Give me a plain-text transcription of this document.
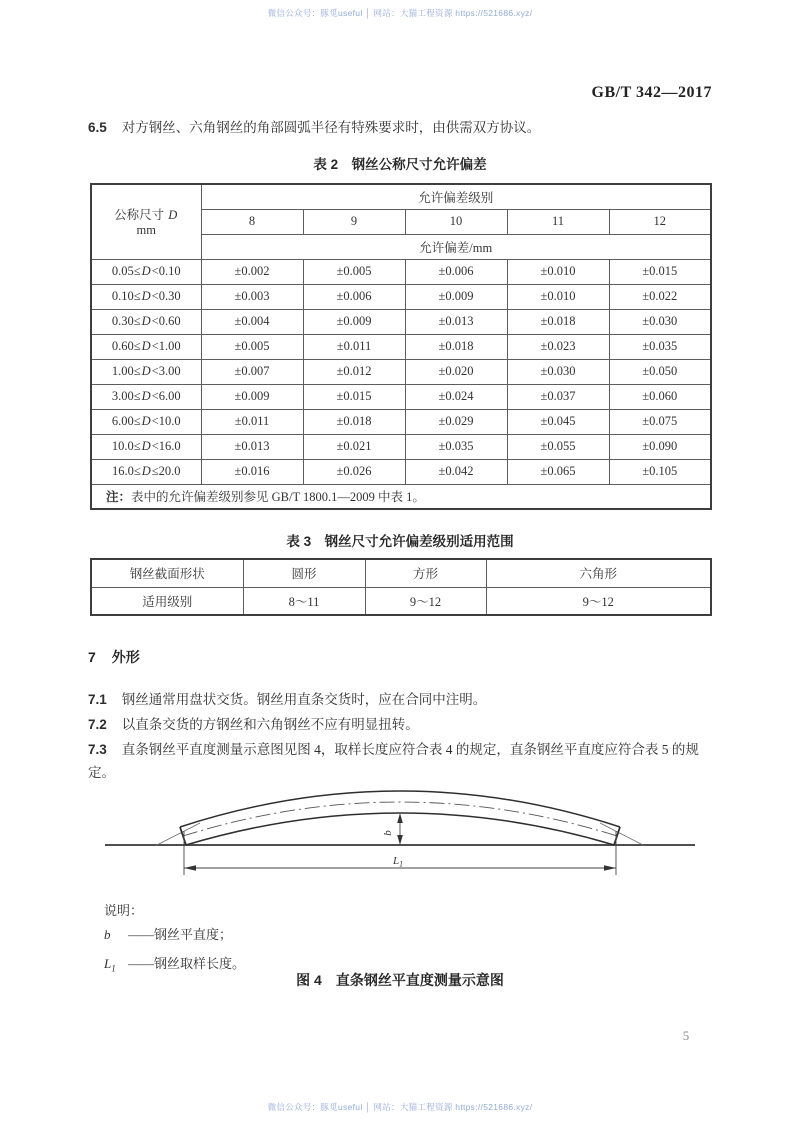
微信公众号：豚觅useful │ 网站：大猫工程资源 https://521686.xyz/
GB/T 342—2017
6.5 对方钢丝、六角钢丝的角部圆弧半径有特殊要求时，由供需双方协议。
表 2　钢丝公称尺寸允许偏差
公称尺寸 D
mm	允许偏差级别				
	8	9	10	11	12
	允许偏差/mm				
0.05≤D<0.10	±0.002	±0.005	±0.006	±0.010	±0.015
0.10≤D<0.30	±0.003	±0.006	±0.009	±0.010	±0.022
0.30≤D<0.60	±0.004	±0.009	±0.013	±0.018	±0.030
0.60≤D<1.00	±0.005	±0.011	±0.018	±0.023	±0.035
1.00≤D<3.00	±0.007	±0.012	±0.020	±0.030	±0.050
3.00≤D<6.00	±0.009	±0.015	±0.024	±0.037	±0.060
6.00≤D<10.0	±0.011	±0.018	±0.029	±0.045	±0.075
10.0≤D<16.0	±0.013	±0.021	±0.035	±0.055	±0.090
16.0≤D≤20.0	±0.016	±0.026	±0.042	±0.065	±0.105
注：表中的允许偏差级别参见 GB/T 1800.1—2009 中表 1。					
表 3　钢丝尺寸允许偏差级别适用范围
钢丝截面形状	圆形	方形	六角形
适用级别	8～11	9～12	9～12
7 外形
7.1 钢丝通常用盘状交货。钢丝用直条交货时，应在合同中注明。
7.2 以直条交货的方钢丝和六角钢丝不应有明显扭转。
7.3 直条钢丝平直度测量示意图见图 4，取样长度应符合表 4 的规定，直条钢丝平直度应符合表 5 的规定。
b
$L_1$
说明：
b ——钢丝平直度；
$L_1$ ——钢丝取样长度。
图 4　直条钢丝平直度测量示意图
5
微信公众号：豚觅useful │ 网站：大猫工程资源 https://521686.xyz/
